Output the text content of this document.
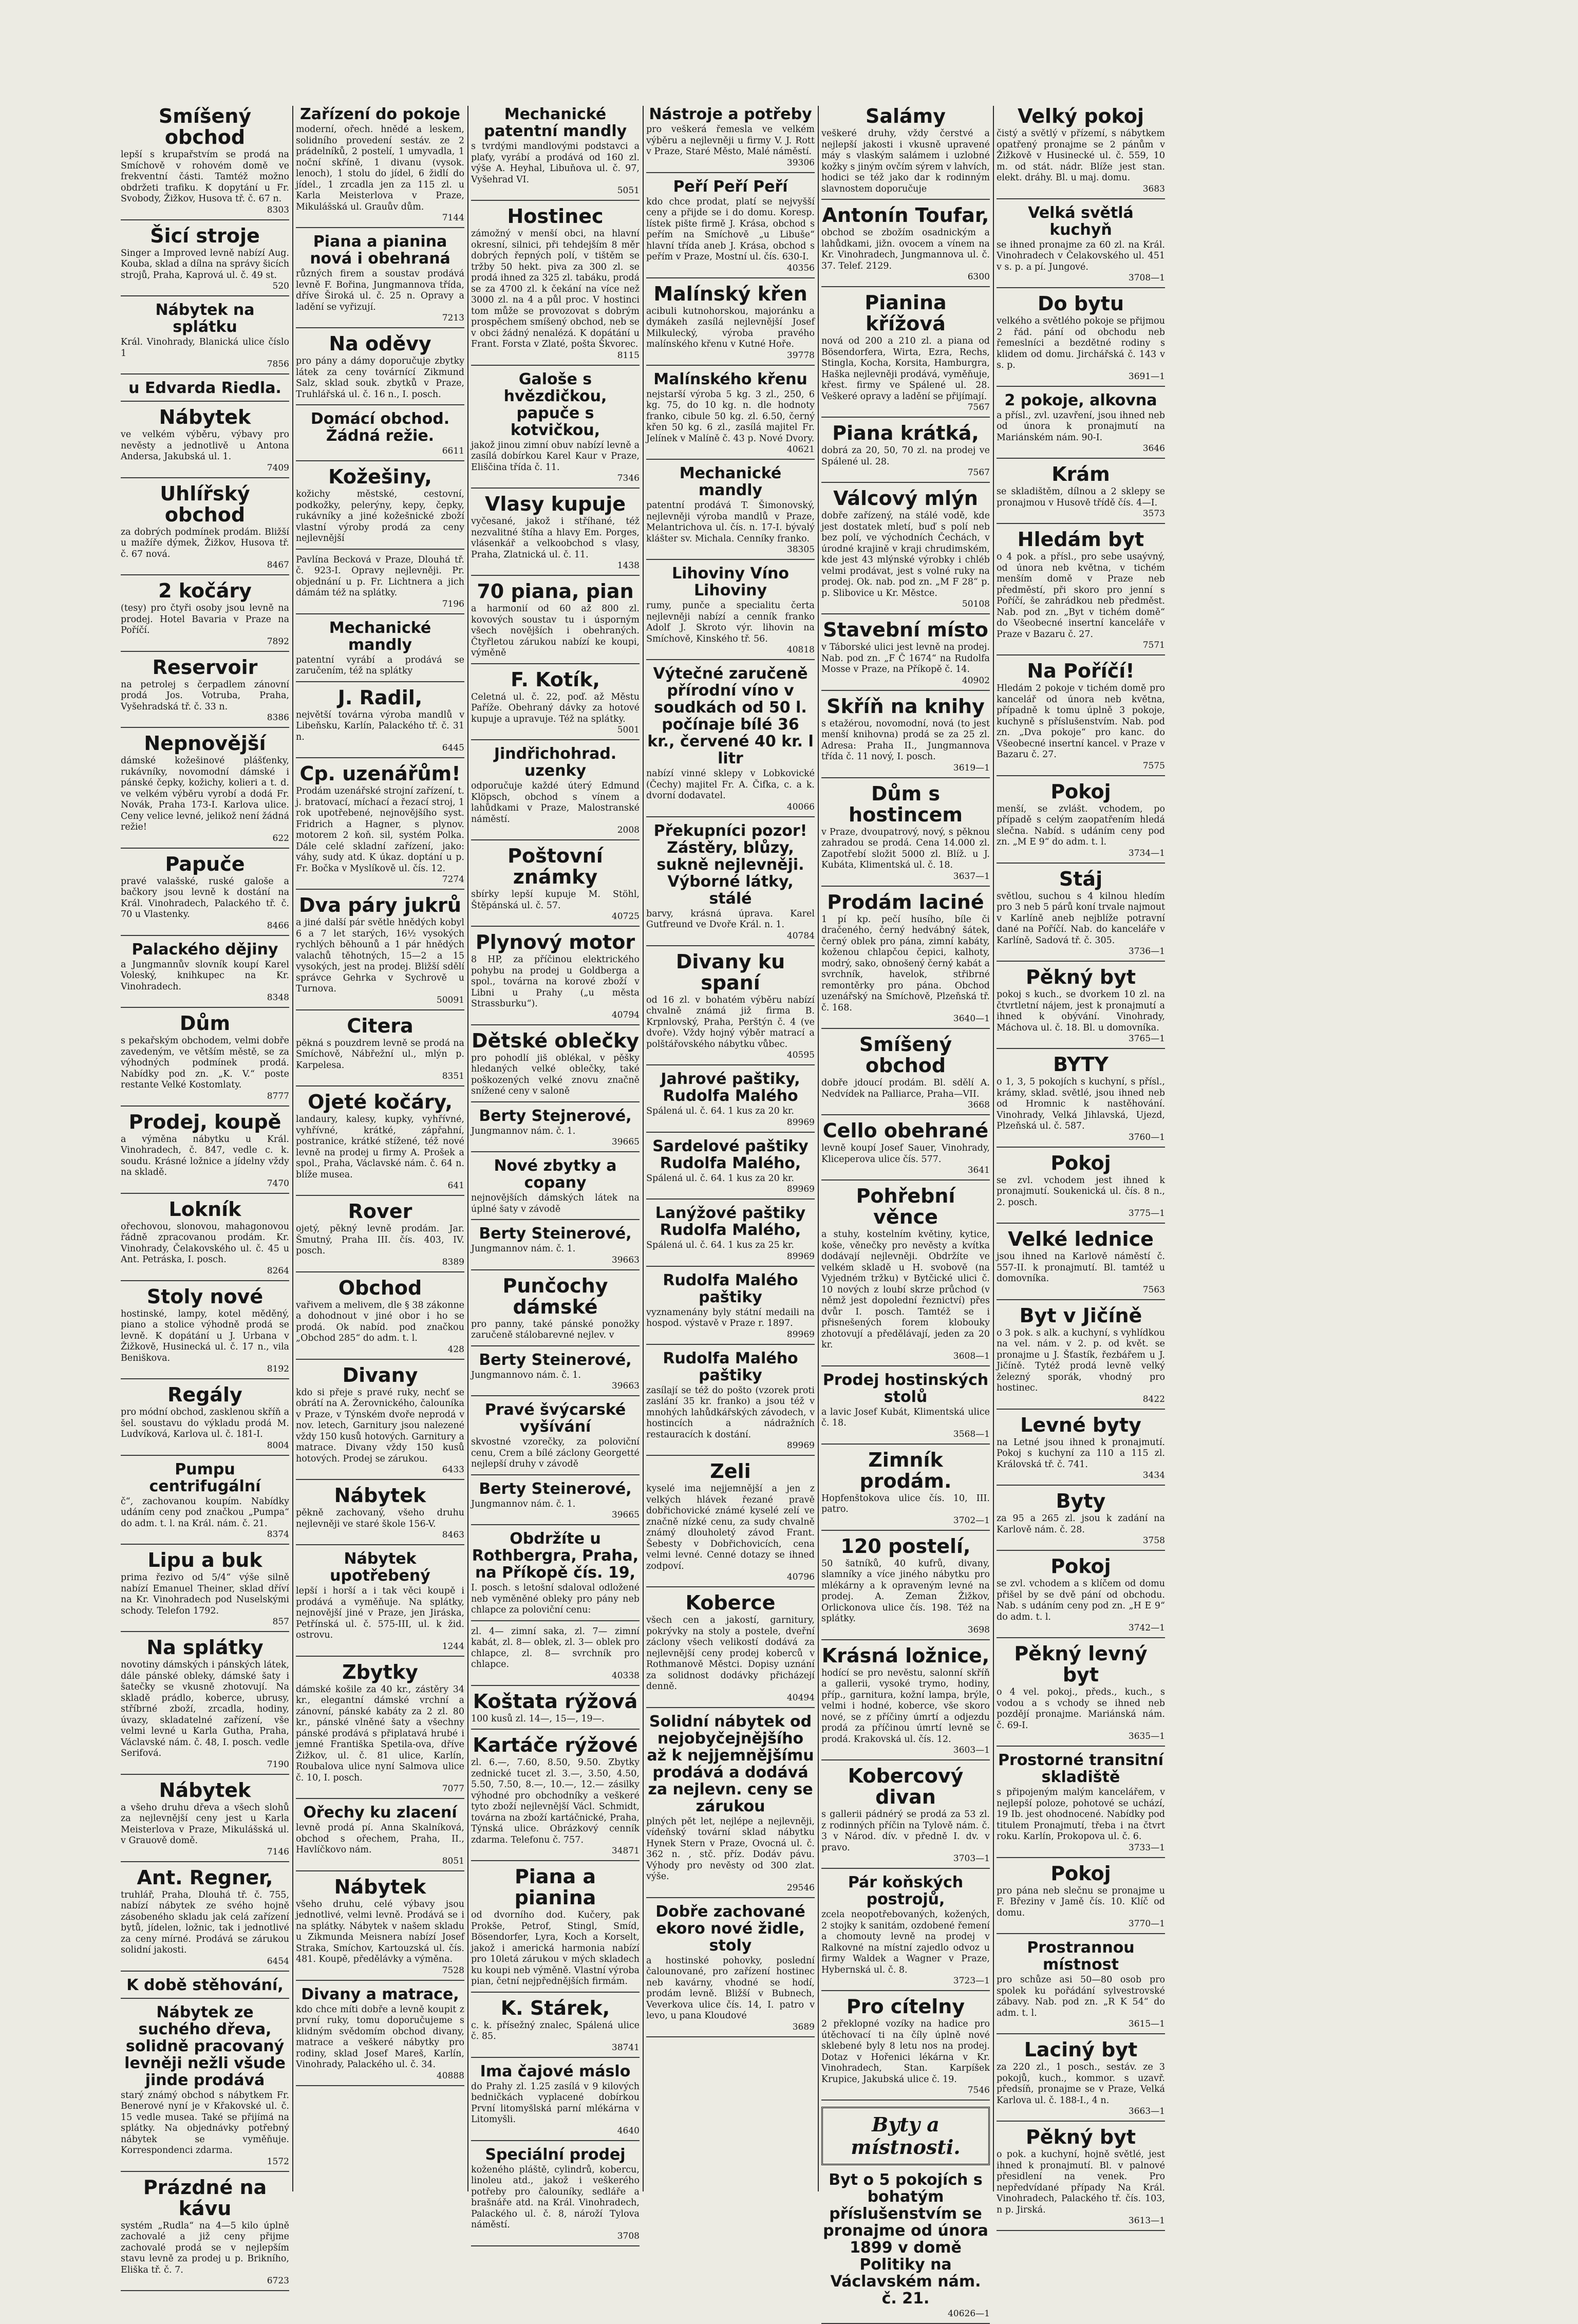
Smíšený obchod

lepší s krupařstvím se prodá na Smíchově v rohovém domě ve frekventní části. Tamtéž možno obdržeti trafiku. K dopytání u Fr. Svobody, Žižkov, Husova tř. č. 67 n.

8303

Šicí stroje

Singer a Improved levně nabízí Aug. Kouba, sklad a dílna na správy šicích strojů, Praha, Kaprová ul. č. 49 st.

520

Nábytek na splátku

Král. Vinohrady, Blanická ulice číslo 1

7856

u Edvarda Riedla.
Nábytek

ve velkém výběru, výbavy pro nevěsty a jednotlivě u Antona Andersa, Jakubská ul. 1.

7409

Uhlířský obchod

za dobrých podmínek prodám. Bližší u mažíře dýmek, Žižkov, Husova tř. č. 67 nová.

8467

2 kočáry

(tesy) pro čtyři osoby jsou levně na prodej. Hotel Bavaria v Praze na Poříčí.

7892

Reservoir

na petrolej s čerpadlem zánovní prodá Jos. Votruba, Praha, Vyšehradská tř. č. 33 n.

8386

Nepnovější

dámské kožešinové plášťenky, rukávníky, novomodní dámské i pánské čepky, kožichy, kolieri a t. d. ve velkém výběru vyrobí a dodá Fr. Novák, Praha 173-I. Karlova ulice. Ceny velice levné, jelikož není žádná režie!

622

Papuče

pravé valašské, ruské galoše a bačkory jsou levně k dostání na Král. Vinohradech, Palackého tř. č. 70 u Vlastenky.

8466

Palackého dějiny

a Jungmannův slovník koupí Karel Voleský, knihkupec na Kr. Vinohradech.

8348

Dům

s pekařským obchodem, velmi dobře zavedeným, ve větším městě, se za výhodných podmínek prodá. Nabídky pod zn. „K. V.“ poste restante Velké Kostomlaty.

8777

Prodej, koupě

a výměna nábytku u Král. Vinohradech, č. 847, vedle c. k. soudu. Krásné ložnice a jídelny vždy na skladě.

7470

Lokník

ořechovou, slonovou, mahagonovou řádně zpracovanou prodám. Kr. Vinohrady, Čelakovského ul. č. 45 u Ant. Petráska, I. posch.

8264

Stoly nové

hostinské, lampy, kotel měděný, piano a stolice výhodně prodá se levně. K dopátání u J. Urbana v Žižkově, Husinecká ul. č. 17 n., vila Beniškova.

8192

Regály

pro módní obchod, zasklenou skříň a šel. soustavu do výkladu prodá M. Ludvíková, Karlova ul. č. 181-I.

8004

Pumpu centrifugální

č“, zachovanou koupím. Nabídky udáním ceny pod značkou „Pumpa“ do adm. t. l. na Král. nám. č. 21.

8374

Lipu a buk

prima řezivo od 5/4“ výše silně nabízí Emanuel Theiner, sklad dříví na Kr. Vinohradech pod Nuselskými schody. Telefon 1792.

857

Na splátky

novotiny dámských i pánských látek, dále pánské obleky, dámské šaty i šatečky se vkusně zhotovují. Na skladě prádlo, koberce, ubrusy, stříbrné zboží, zrcadla, hodiny, úvazy, skladatelné zařízení, vše velmi levné u Karla Gutha, Praha, Václavské nám. č. 48, I. posch. vedle Serifová.

7190

Nábytek

a všeho druhu dřeva a všech slohů za nejlevnější ceny jest u Karla Meisterlova v Praze, Mikulášská ul. v Grauově domě.

7146

Ant. Regner,

truhlář, Praha, Dlouhá tř. č. 755, nabízí nábytek ze svého hojně zásobeného skladu jak celá zařízení bytů, jídelen, ložnic, tak i jednotlivé za ceny mírné. Prodává se zárukou solidní jakosti.

6454

K době stěhování,
Nábytek ze suchého dřeva, solidně pracovaný levněji nežli všude jinde prodává

starý známý obchod s nábytkem Fr. Benerové nyní je v Křakovské ul. č. 15 vedle musea. Také se přijímá na splátky. Na objednávky potřebný nábytek se vyměňuje. Korrespondenci zdarma.

1572

Prázdné na kávu

systém „Rudla“ na 4—5 kilo úplně zachovalé a již ceny přijme zachovalé prodá se v nejlepším stavu levně za prodej u p. Brikního, Eliška tř. č. 7.

6723

Zařízení do pokoje

moderní, ořech. hnědé a leskem, solidního provedení sestáv. ze 2 prádelníků, 2 postelí, 1 umyvadla, 1 noční skříně, 1 divanu (vysok. lenoch), 1 stolu do jídel, 6 židlí do jídel., 1 zrcadla jen za 115 zl. u Karla Meisterlova v Praze, Mikulášská ul. Grauův dům.

7144

Piana a pianina nová i obehraná

různých firem a soustav prodává levně F. Bořina, Jungmannova třída, dříve Široká ul. č. 25 n. Opravy a ladění se vyřizují.

7213

Na oděvy

pro pány a dámy doporučuje zbytky látek za ceny továrnící Zikmund Salz, sklad souk. zbytků v Praze, Truhlářská ul. č. 16 n., I. posch.

Domácí obchod. Žádná režie.

6611

Kožešiny,

kožichy městské, cestovní, podkožky, pelerýny, kepy, čepky, rukávníky a jiné kožešnické zboží vlastní výroby prodá za ceny nejlevnější

Pavlína Becková v Praze, Dlouhá tř. č. 923-I. Opravy nejlevněji. Pr. objednání u p. Fr. Lichtnera a jich dámám též na splátky.

7196

Mechanické mandly

patentní vyrábí a prodává se zaručením, též na splátky

J. Radil,

největší továrna výroba mandlů v Libeňsku, Karlín, Palackého tř. č. 31 n.

6445

Cp. uzenářům!

Prodám uzenářské strojní zařízení, t. j. bratovací, míchací a řezací stroj, 1 rok upotřebené, nejnovějšího syst. Fridrich a Hagner, s plynov. motorem 2 koň. sil, systém Polka. Dále celé skladní zařízení, jako: váhy, sudy atd. K úkaz. doptání u p. Fr. Bočka v Myslíkově ul. čís. 12.

7274

Dva páry jukrů

a jiné další pár světle hnědých kobyl 6 a 7 let starých, 16½ vysokých rychlých běhounů a 1 pár hnědých valachů těhotných, 15—2 a 15 vysokých, jest na prodej. Bližší sdělí správce Gehrka v Sychrově u Turnova.

50091

Citera

pěkná s pouzdrem levně se prodá na Smíchově, Nábřežní ul., mlýn p. Karpelesa.

8351

Ojeté kočáry,

landaury, kalesy, kupky, vyhřívné, vyhřívné, krátké, zápřahní, postranice, krátké stížené, též nové levně na prodej u firmy A. Prošek a spol., Praha, Václavské nám. č. 64 n. blíže musea.

641

Rover

ojetý, pěkný levně prodám. Jar. Šmutný, Praha III. čís. 403, IV. posch.

8389

Obchod

vařivem a melivem, dle § 38 zákonne a dohodnout v jiné obor i ho se prodá. Ok nabíd. pod značkou „Obchod 285“ do adm. t. l.

428

Divany

kdo si přeje s pravé ruky, nechť se obrátí na A. Žerovnického, čalouníka v Praze, v Týnském dvoře neprodá v nov. letech, Garnitury jsou nalezené vždy 150 kusů hotových. Garnitury a matrace. Divany vždy 150 kusů hotových. Prodej se zárukou.

6433

Nábytek

pěkně zachovaný, všeho druhu nejlevněji ve staré škole 156-V.

8463

Nábytek upotřebený

lepší i horší a i tak věci koupě i prodává a vyměňuje. Na splátky, nejnovější jiné v Praze, jen Jiráska, Petřínská ul. č. 575-III, ul. k žid. ostrovu.

1244

Zbytky

dámské košile za 40 kr., zástěry 34 kr., elegantní dámské vrchní a zánovní, pánské kabáty za 2 zl. 80 kr., pánské vlněné šaty a všechny pánské prodává s připlatavá hrubé i jemné Františka Spetila-ova, dříve Žižkov, ul. č. 81 ulice, Karlín, Roubalova ulice nyní Salmova ulice č. 10, I. posch.

7077

Ořechy ku zlacení

levně prodá pí. Anna Skalníková, obchod s ořechem, Praha, II., Havlíčkovo nám.

8051

Nábytek

všeho druhu, celé výbavy jsou jednotlivé, velmi levně. Prodává se i na splátky. Nábytek v našem skladu u Zikmunda Meisnera nabízí Josef Straka, Smíchov, Kartouzská ul. čís. 481. Koupě, předělávky a výměna.

7528

Divany a matrace,

kdo chce míti dobře a levně koupit z první ruky, tomu doporučujeme s klidným svědomím obchod divany, matrace a veškeré nábytky pro rodiny, sklad Josef Mareš, Karlín, Vinohrady, Palackého ul. č. 34.

40888

Mechanické patentní mandly

s tvrdými mandlovými podstavci a plaťy, vyrábí a prodává od 160 zl. výše A. Heyhal, Libuňova ul. č. 97, Vyšehrad VI.

5051

Hostinec

zámožný v menší obci, na hlavní okresní, silnici, při tehdejším 8 měr dobrých řepných polí, v tištěm se tržby 50 hekt. piva za 300 zl. se prodá ihned za 325 zl. tabáku, prodá se za 4700 zl. k čekání na více než 3000 zl. na 4 a půl proc. V hostinci tom může se provozovat s dobrým prospěchem smíšený obchod, neb se v obci žádný nenalézá. K dopátání u Frant. Forsta v Zlaté, pošta Škvorec.

8115

Galoše s hvězdičkou, papuče s kotvičkou,

jakož jinou zimní obuv nabízí levně a zasílá dobírkou Karel Kaur v Praze, Eliščina třída č. 11.

7346

Vlasy kupuje

vyčesané, jakož i stříhané, též nezvalitné štíha a hlavy Em. Porges, vlásenkář a velkoobchod s vlasy, Praha, Zlatnická ul. č. 11.

1438

70 piana, pian

a harmonií od 60 až 800 zl. kovových soustav tu i úsporným všech novějších i obehraných. Čtyřletou zárukou nabízí ke koupi, výměně

F. Kotík,

Celetná ul. č. 22, poď. až Městu Paříže. Obehraný dávky za hotové kupuje a upravuje. Též na splátky.

5001

Jindřichohrad. uzenky

odporučuje každé úterý Edmund Klöpsch, obchod s vínem a lahůdkami v Praze, Malostranské náměstí.

2008

Poštovní známky

sbírky lepší kupuje M. Stöhl, Štěpánská ul. č. 57.

40725

Plynový motor

8 HP, za příčinou elektrického pohybu na prodej u Goldberga a spol., továrna na korové zboží v Libni u Prahy („u města Strassburku“).

40794

Dětské oblečky

pro pohodlí jiš oblékal, v pěšky hledaných velké oblečky, také poškozených velké znovu značně snížené ceny v saloně

Berty Stejnerové,

Jungmannov nám. č. 1.

39665

Nové zbytky a copany

nejnovějších dámských látek na úplné šaty v závodě

Berty Steinerové,

Jungmannov nám. č. 1.

39663

Punčochy dámské

pro panny, také pánské ponožky zaručeně stálobarevné nejlev. v

Berty Steinerové,

Jungmannovo nám. č. 1.

39663

Pravé švýcarské vyšívání

skvostné vzorečky, za poloviční cenu, Crem a bílé záclony Georgetté nejlepší druhy v závodě

Berty Steinerové,

Jungmannov nám. č. 1.

39665

Obdržíte u Rothbergra, Praha, na Příkopě čís. 19,

I. posch. s letošní sdaloval odložené neb vyměněné obleky pro pány neb chlapce za poloviční cenu:

zl. 4— zimní saka, zl. 7— zimní kabát, zl. 8— oblek, zl. 3— oblek pro chlapce, zl. 8— svrchník pro chlapce.

40338

Koštata rýžová

100 kusů zl. 14—, 15—, 19—.

Kartáče rýžové

zl. 6.—, 7.60, 8.50, 9.50. Zbytky zednické tucet zl. 3.—, 3.50, 4.50, 5.50, 7.50, 8.—, 10.—, 12.— zásilky výhodné pro obchodníky a veškeré tyto zboží nejlevnější Václ. Schmidt, továrna na zboží kartáčnické, Praha, Týnská ulice. Obrázkový cenník zdarma. Telefonu č. 757.

34871

Piana a pianina

od dvorního dod. Kučery, pak Prokše, Petrof, Stingl, Smíd, Bösendorfer, Lyra, Koch a Korselt, jakož i americká harmonia nabízí pro 10letá zárukou v mých skladech ku koupi neb výměně. Vlastní výroba pian, četní nejpřednějších firmám.

K. Stárek,

c. k. přísežný znalec, Spálená ulice č. 85.

38741

Ima čajové máslo

do Prahy zl. 1.25 zasílá v 9 kilových bedničkách vyplacené dobírkou První litomyšlská parní mlékárna v Litomyšli.

4640

Speciální prodej

koženého pláště, cylindrů, kobercu, linoleu atd., jakož i veškerého potřeby pro čalouníky, sedláře a brašnáře atd. na Král. Vinohradech, Palackého ul. č. 8, nároží Tylova náměstí.

3708

Nástroje a potřeby

pro veškerá řemesla ve velkém výběru a nejlevněji u firmy V. J. Rott v Praze, Staré Město, Malé náměstí.

39306

Peří Peří Peří

kdo chce prodat, platí se nejvyšší ceny a přijde se i do domu. Koresp. lístek pište firmě J. Krása, obchod s peřím na Smíchově „u Libuše“ hlavní třída aneb J. Krása, obchod s peřím v Praze, Mostní ul. čís. 630-I.

40356

Malínský křen

acibuli kutnohorskou, majoránku a dymákeh zasílá nejlevnější Josef Milkulecký, výroba pravého malínského křenu v Kutné Hoře.

39778

Malínského křenu

nejstarší výroba 5 kg. 3 zl., 250, 6 kg. 75, do 10 kg. n. dle hodnoty franko, cibule 50 kg. zl. 6.50, černý křen 50 kg. 6 zl., zasílá majitel Fr. Jelínek v Malíně č. 43 p. Nové Dvory.

40621

Mechanické mandly

patentní prodává T. Šimonovský, nejlevněji výroba mandlů v Praze, Melantrichova ul. čís. n. 17-I. bývalý klášter sv. Michala. Cenníky franko.

38305

Lihoviny Víno Lihoviny

rumy, punče a specialitu čerta nejlevněji nabízí a cenník franko Adolf J. Skroto výr. lihovin na Smíchově, Kinského tř. 56.

40818

Výtečné zaručeně přírodní víno v soudkách od 50 l. počínaje bílé 36 kr., červené 40 kr. l litr

nabízí vinné sklepy v Lobkovické (Čechy) majitel Fr. A. Čifka, c. a k. dvorní dodavatel.

40066

Překupníci pozor! Zástěry, blůzy, sukně nejlevněji. Výborné látky, stálé

barvy, krásná úprava. Karel Gutfreund ve Dvoře Král. n. 1.

40784

Divany ku spaní

od 16 zl. v bohatém výběru nabízí chvalně známá již firma B. Krpnlovský, Praha, Perštýn č. 4 (ve dvoře). Vždy hojný výběr matrací a polštářovského nábytku vůbec.

40595

Jahrové paštiky, Rudolfa Malého

Spálená ul. č. 64. 1 kus za 20 kr.

89969

Sardelové paštiky Rudolfa Malého,

Spálená ul. č. 64. 1 kus za 20 kr.

89969

Lanýžové paštiky Rudolfa Malého,

Spálená ul. č. 64. 1 kus za 25 kr.

89969

Rudolfa Malého paštiky

vyznamenány byly státní medaili na hospod. výstavě v Praze r. 1897.

89969

Rudolfa Malého paštiky

zasílají se též do pošto (vzorek proti zaslání 35 kr. franko) a jsou též v mnohých lahůdkářských závodech, v hostincích a nádražních restauracích k dostání.

89969

Zeli

kyselé ima nejjemnější a jen z velkých hlávek řezané pravě dobřichovické známé kyselé zelí ve značně nízké cenu, za sudy chvalně známý dlouholetý závod Frant. Šebesty v Dobřichovicích, cena velmi levné. Cenné dotazy se ihned zodpoví.

40796

Koberce

všech cen a jakostí, garnitury, pokrývky na stoly a postele, dveřní záclony všech velikostí dodává za nejlevnější ceny prodej koberců v Rothmanově Městci. Dopisy uznání za solidnost dodávky přicházejí denně.

40494

Solidní nábytek od nejobyčejnějšího až k nejjemnějšímu prodává a dodává za nejlevn. ceny se zárukou

plných pět let, nejlépe a nejlevněji, vídeňský tovární sklad nábytku Hynek Stern v Praze, Ovocná ul. č. 362 n. , stč. příz. Dodáv pávu. Výhody pro nevěsty od 300 zlat. výše.

29546

Dobře zachované ekoro nové židle, stoly

a hostinské pohovky, poslední čalounované, pro zařízení hostinec neb kavárny, vhodné se hodí, prodám levně. Bližší v Bubnech, Veverkova ulice čís. 14, I. patro v levo, u pana Kloudové

3689

Salámy

veškeré druhy, vždy čerstvé a nejlepší jakosti i vkusně upravené máy s vlaským salámem i uzlobné kožky s jiným ovčím sýrem v lahvích, hodici se též jako dar k rodinným slavnostem doporučuje

Antonín Toufar,

obchod se zbožím osadnickým a lahůdkami, jižn. ovocem a vínem na Kr. Vinohradech, Jungmannova ul. č. 37. Telef. 2129.

6300

Pianina křížová

nová od 200 a 210 zl. a piana od Bösendorfera, Wirta, Ezra, Rechs, Stingla, Kocha, Korsita, Hamburgra, Haška nejlevněji prodává, vyměňuje, křest. firmy ve Spálené ul. 28. Veškeré opravy a ladění se přijímají.

7567

Piana krátká,

dobrá za 20, 50, 70 zl. na prodej ve Spálené ul. 28.

7567

Válcový mlýn

dobře zařízený, na stálé vodě, kde jest dostatek mletí, buď s polí neb bez polí, ve východních Čechách, v úrodné krajině v kraji chrudimském, kde jest 43 mlýnské výrobky i chléb velmi prodávat, jest s volné ruky na prodej. Ok. nab. pod zn. „M F 28“ p. p. Slibovice u Kr. Městce.

50108

Stavební místo

v Táborské ulici jest levně na prodej. Nab. pod zn. „F Č 1674“ na Rudolfa Mosse v Praze, na Příkopě č. 14.

40902

Skříň na knihy

s etažérou, novomodní, nová (to jest menší knihovna) prodá se za 25 zl. Adresa: Praha II., Jungmannova třída č. 11 nový, I. posch.

3619—1

Dům s hostincem

v Praze, dvoupatrový, nový, s pěknou zahradou se prodá. Cena 14.000 zl. Zapotřebí složit 5000 zl. Blíž. u J. Kubáta, Klimentská ul. č. 18.

3637—1

Prodám laciné

1 pí kp. pečí husího, bíle či dračeného, černý hedvábný šátek, černý oblek pro pána, zimní kabáty, koženou chlapčou čepici, kalhoty, modrý, sako, obnošený černý kabát a svrchník, havelok, střibrné remontěrky pro pána. Obchod uzenářský na Smíchově, Plzeňská tř. č. 168.

3640—1

Smíšený obchod

dobře jdoucí prodám. Bl. sdělí A. Nedvídek na Palliarce, Praha—VII.

3668

Cello obehrané

levně koupí Josef Sauer, Vinohrady, Kliceperova ulice čís. 577.

3641

Pohřební věnce

a stuhy, kostelním květiny, kytice, koše, věnečky pro nevěsty a kvítka dodávají nejlevněji. Obdržíte ve velkém skladě u H. svobově (na Vyjedném tržku) v Bytčické ulici č. 10 nových z loubí skrze průchod (v němž jest dopolední řeznictví) přes dvůr I. posch. Tamtéž se i přisnešených forem klobouky zhotovují a předělávají, jeden za 20 kr.

3608—1

Prodej hostinských stolů

a lavic Josef Kubát, Klimentská ulice č. 18.

3568—1

Zimník prodám.

Hopfenštokova ulice čís. 10, III. patro.

3702—1

120 postelí,

50 šatníků, 40 kufrů, divany, slamníky a více jiného nábytku pro mlékárny a k opraveným levné na prodej. A. Zeman Žižkov, Orlickonova ulice čís. 198. Též na splátky.

3698

Krásná ložnice,

hodící se pro nevěstu, salonní skříň a gallerii, vysoké trymo, hodiny, příp., garnitura, kožní lampa, brýle, velmi i hodné, koberce, vše skoro nové, se z příčiny úmrtí a odjezdu prodá za příčinou úmrtí levně se prodá. Krakovská ul. čís. 12.

3603—1

Kobercový divan

s gallerii pádnérý se prodá za 53 zl. z rodinných příčin na Tylově nám. č. 3 v Národ. dív. v předně I. dv. v pravo.

3703—1

Pár koňských postrojů,

zcela neopotřebovaných, kožených, 2 stojky k sanitám, ozdobené řemení a chomouty levně na prodej v Ralkovné na místní zajedlo odvoz u firmy Waldek a Wagner v Praze, Hybernská ul. č. 8.

3723—1

Pro cítelny

2 překlopné vozíky na hadice pro útěchovací ti na číly úplně nové sklebené byly 8 letu nos na prodej. Dotaz v Hořenici lékárna v Kr. Vinohradech, Stan. Karpíšek Krupice, Jakubská ulice č. 19.

7546

Byty a místnosti.
Byt o 5 pokojích s bohatým příslušenstvím se pronajme od února 1899 v domě Politiky na Václavském nám. č. 21.

40626—1

Velký pokoj

čistý a světlý v přízemí, s nábytkem opatřený pronajme se 2 pánům v Žižkově v Husinecké ul. č. 559, 10 m. od stát. nádr. Blíže jest stan. elekt. dráhy. Bl. u maj. domu.

3683

Velká světlá kuchyň

se ihned pronajme za 60 zl. na Král. Vinohradech v Čelakovského ul. 451 v s. p. a pí. Jungové.

3708—1

Do bytu

velkého a světlého pokoje se přijmou 2 řád. pání od obchodu neb řemeslníci a bezdětné rodiny s klidem od domu. Jirchářská č. 143 v s. p.

3691—1

2 pokoje, alkovna

a přísl., zvl. uzavření, jsou ihned neb od února k pronajmutí na Mariánském nám. 90-I.

3646

Krám

se skladištěm, dílnou a 2 sklepy se pronajmou v Husově třídě čís. 4—I.

3573

Hledám byt

o 4 pok. a přísl., pro sebe usaývný, od února neb května, v tichém menším domě v Praze neb předměstí, při skoro pro jenní s Poříčí, še zahrádkou neb předměst. Nab. pod zn. „Byt v tichém domě“ do Všeobecné insertní kanceláře v Praze v Bazaru č. 27.

7571

Na Poříčí!

Hledám 2 pokoje v tichém domě pro kancelář od února neb května, případně k tomu úplně 3 pokoje, kuchyně s příslušenstvím. Nab. pod zn. „Dva pokoje“ pro kanc. do Všeobecné insertní kancel. v Praze v Bazaru č. 27.

7575

Pokoj

menší, se zvlášt. vchodem, po případě s celým zaopatřením hledá slečna. Nabíd. s udáním ceny pod zn. „M E 9“ do adm. t. l.

3734—1

Stáj

světlou, suchou s 4 kilnou hledím pro 3 neb 5 párů koní trvale najmout v Karlíně aneb nejblíže potravní dané na Poříčí. Nab. do kanceláře v Karlíně, Sadová tř. č. 305.

3736—1

Pěkný byt

pokoj s kuch., se dvorkem 10 zl. na čtvrtletní nájem, jest k pronajmutí a ihned k obývání. Vinohrady, Máchova ul. č. 18. Bl. u domovníka.

3765—1

BYTY

o 1, 3, 5 pokojích s kuchyní, s přísl., krámy, sklad. světlé, jsou ihned neb od Hromnic k nastěhování. Vinohrady, Velká Jihlavská, Ujezd, Plzeňská ul. č. 587.

3760—1

Pokoj

se zvl. vchodem jest ihned k pronajmutí. Soukenická ul. čís. 8 n., 2. posch.

3775—1

Velké lednice

jsou ihned na Karlově náměstí č. 557-II. k pronajmutí. Bl. tamtéž u domovníka.

7563

Byt v Jičíně

o 3 pok. s alk. a kuchyní, s vyhlídkou na vel. nám. v 2. p. od květ. se pronajme u J. Šťastík, řezbářem u J. Jičíně. Tytéž prodá levně velký železný sporák, vhodný pro hostinec.

8422

Levné byty

na Letné jsou ihned k pronajmutí. Pokoj s kuchyní za 110 a 115 zl. Královská tř. č. 741.

3434

Byty

za 95 a 265 zl. jsou k zadání na Karlově nám. č. 28.

3758

Pokoj

se zvl. vchodem a s klíčem od domu přišel by se dvě pání od obchodu. Nab. s udáním ceny pod zn. „H E 9“ do adm. t. l.

3742—1

Pěkný levný byt

o 4 vel. pokoj., předs., kuch., s vodou a s vchody se ihned neb pozdějí pronajme. Mariánská nám. č. 69-I.

3635—1

Prostorné transitní skladiště

s připojeným malým kancelářem, v nejlepší poloze, pohotové se uchází, 19 Ib. jest ohodnocené. Nabídky pod titulem Pronajmutí, třeba i na čtvrt roku. Karlín, Prokopova ul. č. 6.

3733—1

Pokoj

pro pána neb slečnu se pronajme u F. Březiny v Jamě čís. 10. Klíč od domu.

3770—1

Prostrannou místnost

pro schůze asi 50—80 osob pro spolek ku pořádání sylvestrovské zábavy. Nab. pod zn. „R K 54“ do adm. t. l.

3615—1

Laciný byt

za 220 zl., 1 posch., sestáv. ze 3 pokojů, kuch., kommor. s uzavř. předsíň, pronajme se v Praze, Velká Karlova ul. č. 188-I., 4 n.

3663—1

Pěkný byt

o pok. a kuchyní, hojně světlé, jest ihned k pronajmutí. Bl. v palnové přesidlení na venek. Pro nepředvídané případy Na Král. Vinohradech, Palackého tř. čís. 103, n p. Jirská.

3613—1
